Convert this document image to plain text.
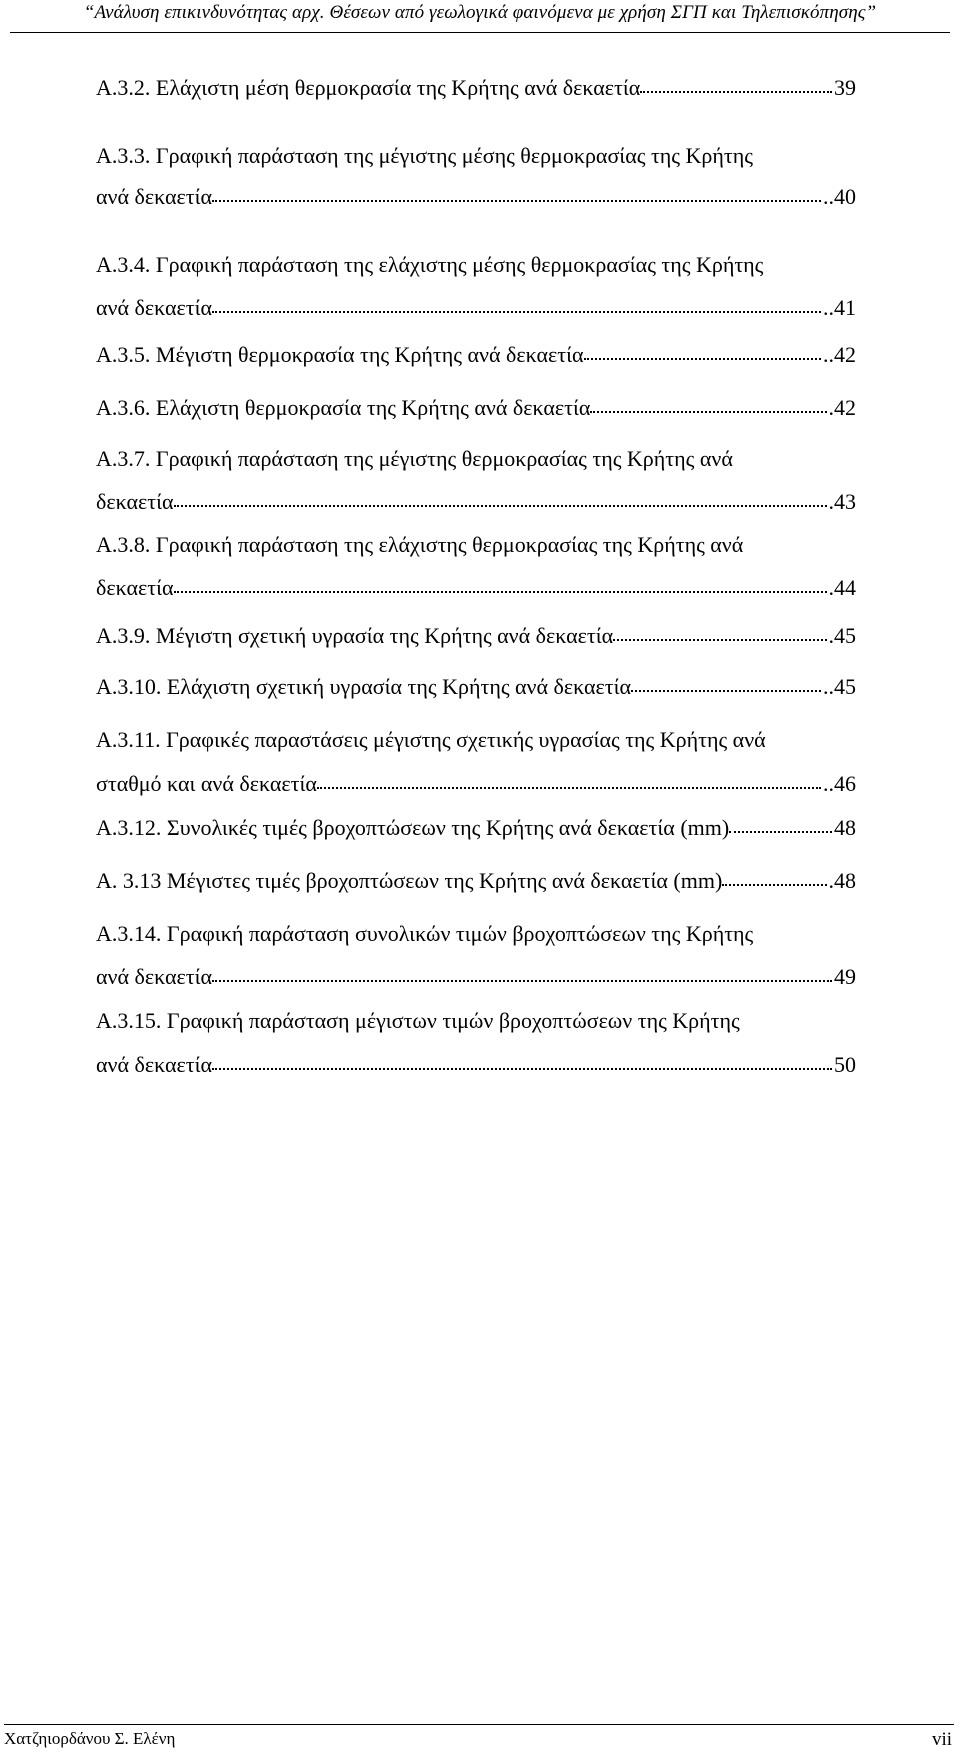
“Ανάλυση επικινδυνότητας αρχ. Θέσεων από γεωλογικά φαινόμενα με χρήση ΣΓΠ και Τηλεπισκόπησης”
Α.3.2. Ελάχιστη μέση θερμοκρασία της Κρήτης ανά δεκαετία	39
Α.3.3. Γραφική παράσταση της μέγιστης μέσης θερμοκρασίας της Κρήτης
ανά δεκαετία	..40
Α.3.4. Γραφική παράσταση της ελάχιστης μέσης θερμοκρασίας της Κρήτης
ανά δεκαετία	..41
Α.3.5. Μέγιστη θερμοκρασία της Κρήτης ανά δεκαετία	..42
Α.3.6. Ελάχιστη θερμοκρασία της Κρήτης ανά δεκαετία	.42
Α.3.7. Γραφική παράσταση της μέγιστης θερμοκρασίας της Κρήτης ανά
δεκαετία	.43
Α.3.8. Γραφική παράσταση της ελάχιστης θερμοκρασίας της Κρήτης ανά
δεκαετία	.44
Α.3.9. Μέγιστη σχετική υγρασία της Κρήτης ανά δεκαετία	.45
Α.3.10. Ελάχιστη σχετική υγρασία της Κρήτης ανά δεκαετία	..45
Α.3.11. Γραφικές παραστάσεις μέγιστης σχετικής υγρασίας της Κρήτης ανά
σταθμό και ανά δεκαετία	..46
Α.3.12. Συνολικές τιμές βροχοπτώσεων της Κρήτης ανά δεκαετία (mm)	48
Α. 3.13 Μέγιστες τιμές βροχοπτώσεων της Κρήτης ανά δεκαετία (mm)	.48
Α.3.14. Γραφική παράσταση συνολικών τιμών βροχοπτώσεων της Κρήτης
ανά δεκαετία	49
Α.3.15. Γραφική παράσταση μέγιστων τιμών βροχοπτώσεων της Κρήτης
ανά δεκαετία	50
Χατζηιορδάνου Σ. Ελένη	vii
